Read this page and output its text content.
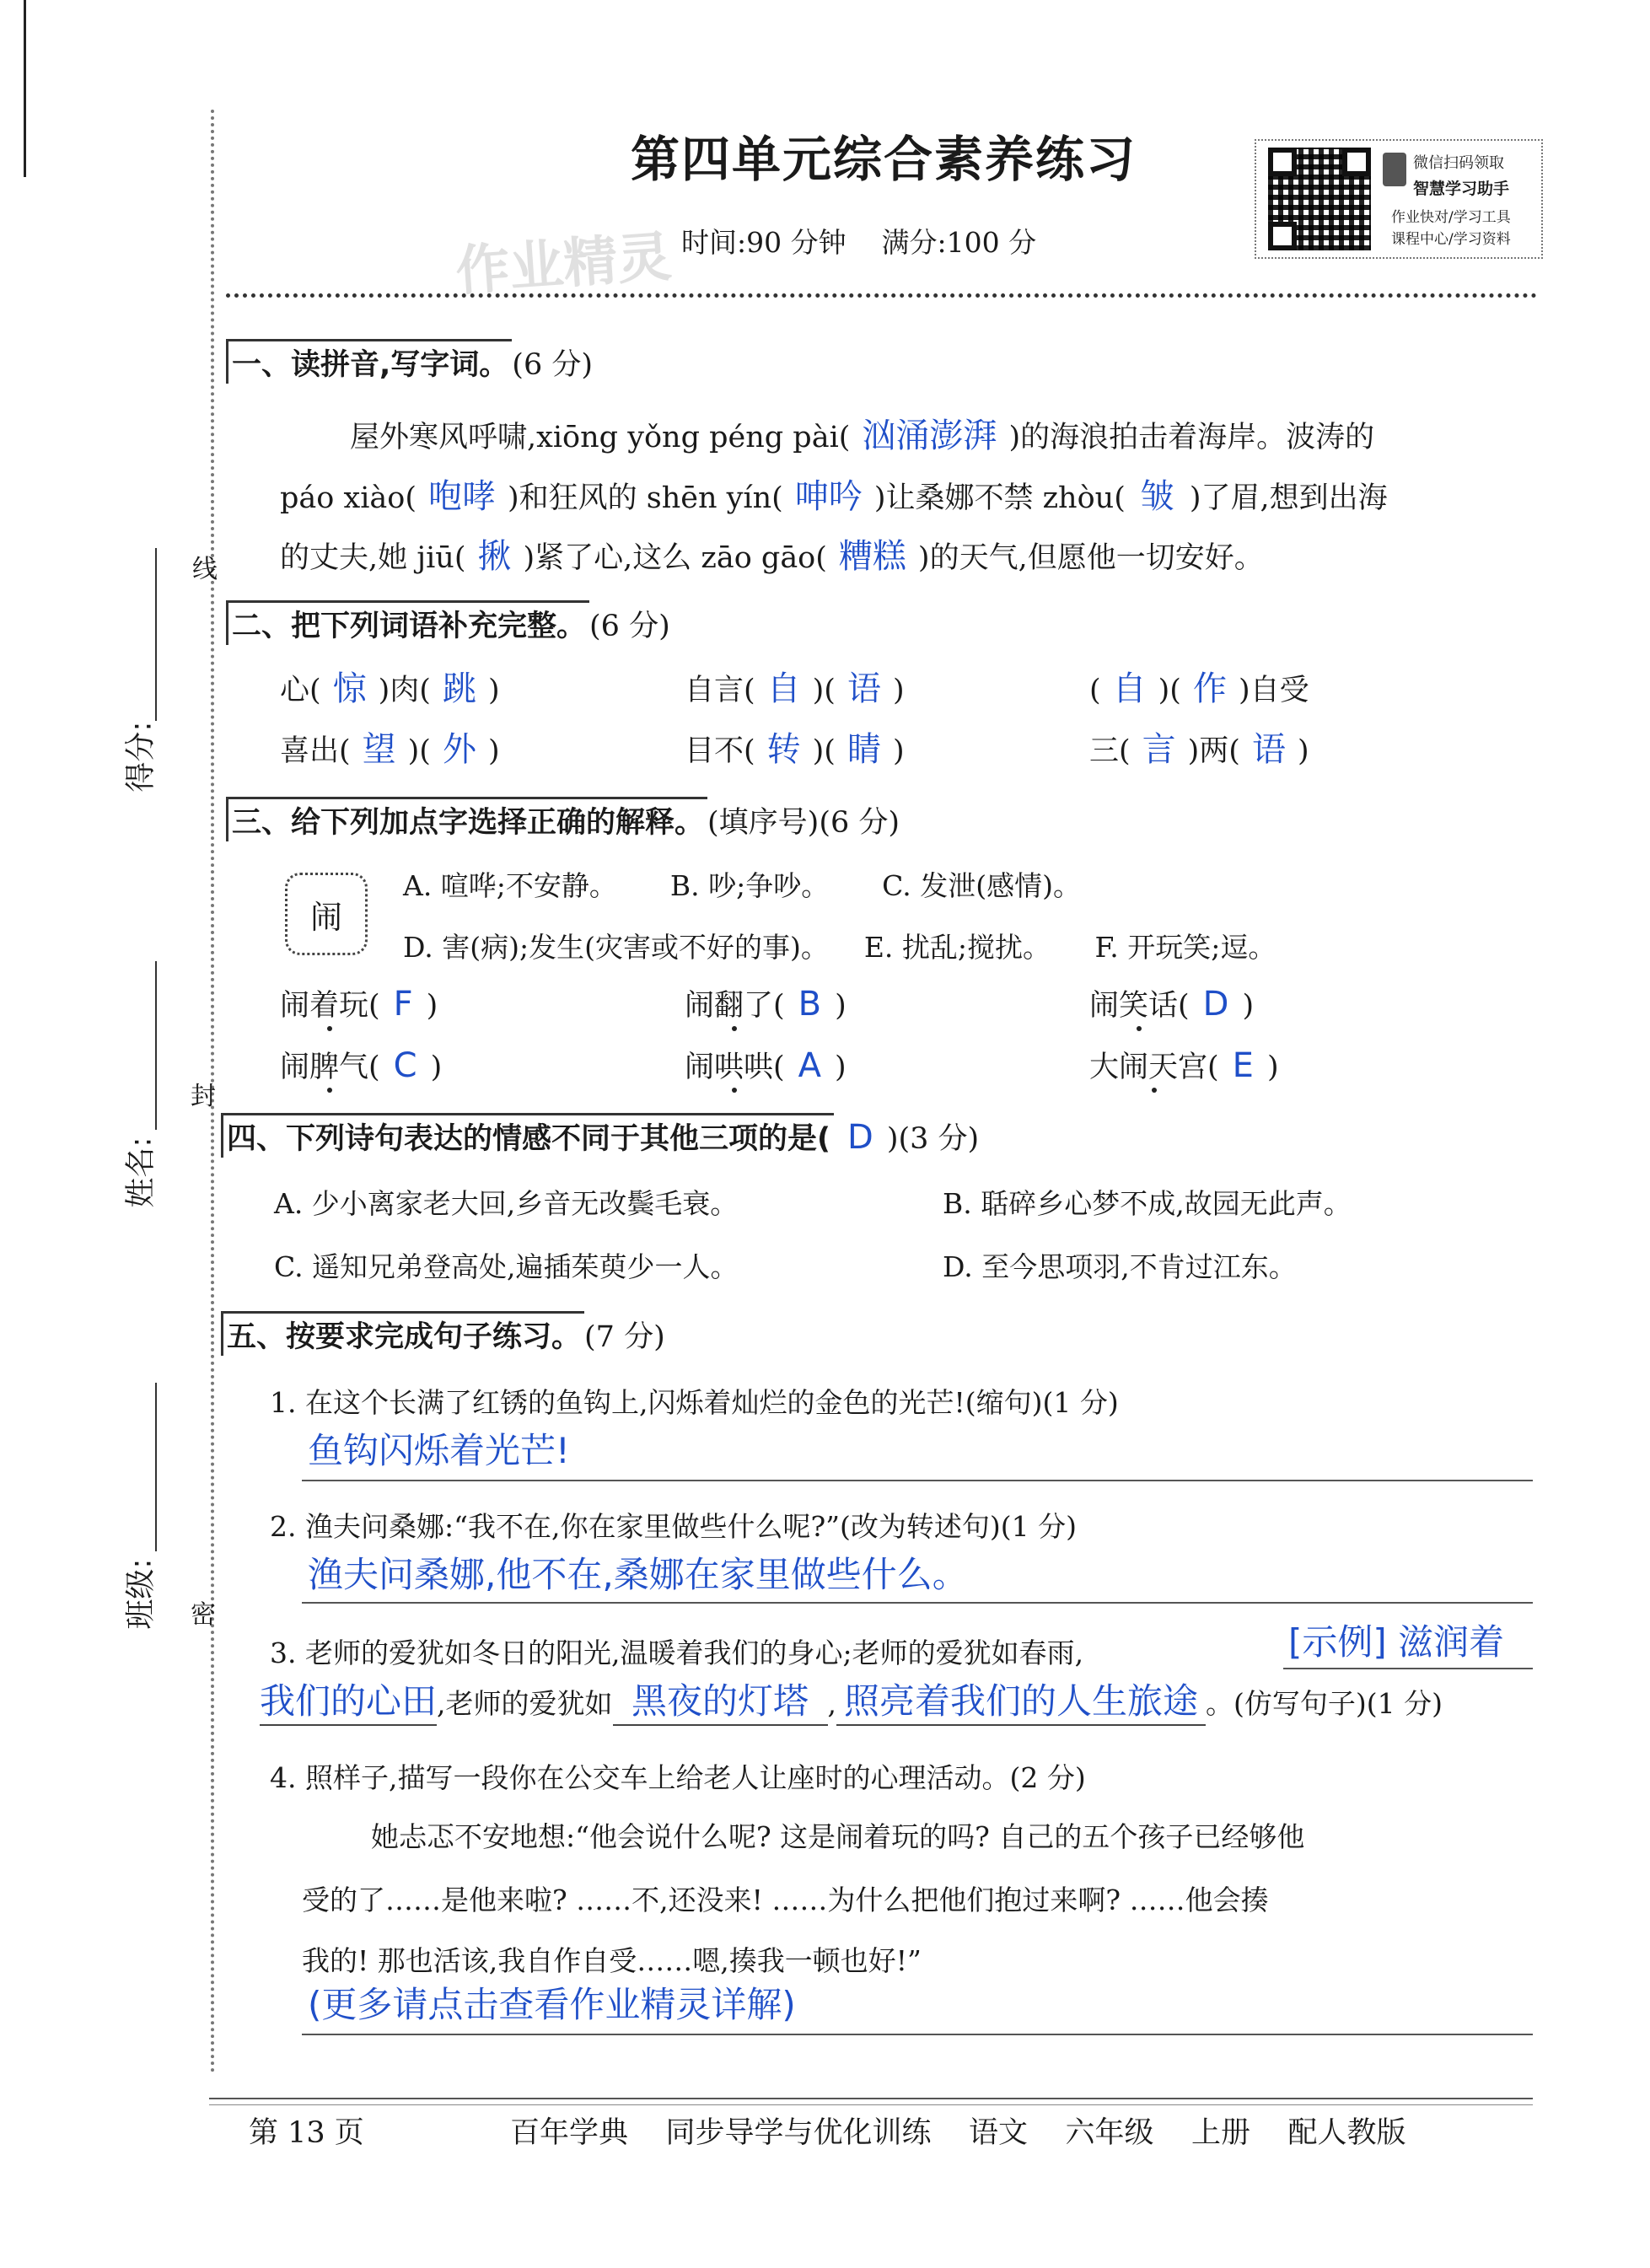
线
封
密
得分:
姓名:
班级:
第四单元综合素养练习
作业精灵 时间:90 分钟    满分:100 分
微信扫码领取
智慧学习助手
作业快对/学习工具
课程中心/学习资料
一、读拼音,写字词。 (6 分)
屋外寒风呼啸,xiōng yǒng péng pài( 汹涌澎湃 )的海浪拍击着海岸。波涛的
páo xiào( 咆哮 )和狂风的 shēn yín( 呻吟 )让桑娜不禁 zhòu( 皱 )了眉,想到出海
的丈夫,她 jiū( 揪 )紧了心,这么 zāo gāo( 糟糕 )的天气,但愿他一切安好。
二、把下列词语补充完整。 (6 分)
心( 惊 )肉( 跳 )	自言( 自 )( 语 )	( 自 )( 作 )自受
喜出( 望 )( 外 )	目不( 转 )( 睛 )	三( 言 )两( 语 )
三、给下列加点字选择正确的解释。 (填序号)(6 分)
闹
A. 喧哗;不安静。      B. 吵;争吵。      C. 发泄(感情)。
D. 害(病);发生(灾害或不好的事)。    E. 扰乱;搅扰。     F. 开玩笑;逗。
闹着玩( F )	闹翻了( B )	闹笑话( D )
闹脾气( C )	闹哄哄( A )	大闹天宫( E )
四、下列诗句表达的情感不同于其他三项的是( D )(3 分)
A. 少小离家老大回,乡音无改鬓毛衰。	B. 聒碎乡心梦不成,故园无此声。
C. 遥知兄弟登高处,遍插茱萸少一人。	D. 至今思项羽,不肯过江东。
五、按要求完成句子练习。 (7 分)
1. 在这个长满了红锈的鱼钩上,闪烁着灿烂的金色的光芒!(缩句)(1 分)
鱼钩闪烁着光芒!
2. 渔夫问桑娜:“我不在,你在家里做些什么呢?”(改为转述句)(1 分)
渔夫问桑娜,他不在,桑娜在家里做些什么。
3. 老师的爱犹如冬日的阳光,温暖着我们的身心;老师的爱犹如春雨,	[示例] 滋润着
我们的心田,老师的爱犹如 黑夜的灯塔 , 照亮着我们的人生旅途 。(仿写句子)(1 分)
4. 照样子,描写一段你在公交车上给老人让座时的心理活动。(2 分)
她忐忑不安地想:“他会说什么呢? 这是闹着玩的吗? 自己的五个孩子已经够他
受的了……是他来啦? ……不,还没来! ……为什么把他们抱过来啊? ……他会揍
我的! 那也活该,我自作自受……嗯,揍我一顿也好!”
(更多请点击查看作业精灵详解)
第 13 页	百年学典    同步导学与优化训练    语文    六年级    上册    配人教版
